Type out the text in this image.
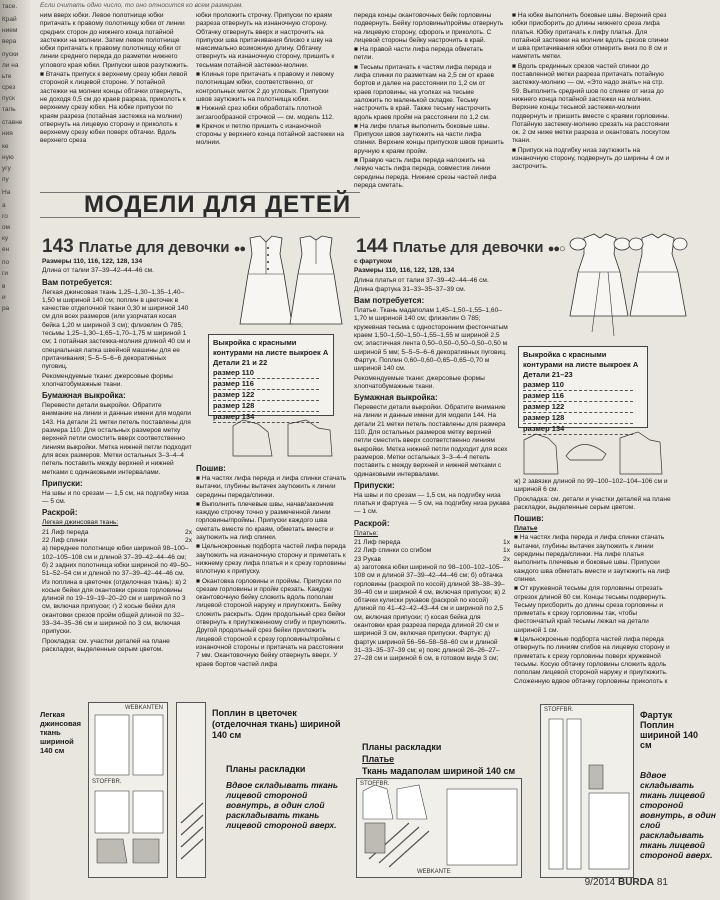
тасе.

Край

нием

вера

пуски

ли на

ьте

срез

пуск

таль

ставне

ния

ке

ную

угу

пу

На

а

го

ом

ку

ен

по

ги

в

и

ра

Если считать одно число, то оно относится ко всем размерам.

ним вверх юбки. Левое полотнище юбки притачать к правому полотнищу юбки от линии средних сторон до нижнего конца потайной застежки на молнии. Затем левое полотнище юбки притачать к правому полотнищу юбки от линии среднего переда до разметки нижнего углового края юбки. Припуски швов разутюжить.

■ Втачать припуск к верхнему срезу юбки левой стороной к лицевой стороне. У потайной застежки на молнии концы обтачки отвернуть, не доходя 0,5 см до краев разреза, приколоть к верхнему срезу юбки. На юбке припуски по краям разреза (потайная застежка на молнии) отвернуть на лицевую сторону и приколоть к верхнему срезу юбки поверх обтачки. Вдоль верхнего среза

юбки проложить строчку. Припуски по краям разреза отвернуть на изнаночную сторону. Обтачку отвернуть вверх и настрочить на припуски шва притачивания близко к шву на максимально возможную длину. Обтачку отвернуть на изнаночную сторону, пришить к тесьмам потайной застежки-молнии.

■ Клинья горе притачать к правому и левому полотнищам юбки, соответственно, от контрольных меток 2 до угловых. Припуски швов заутюжить на полотнища юбки.

■ Нижний срез юбки обработать плотной зигзагообразной строчкой — см. модель 112.

■ Крючок и петлю пришить с изнаночной стороны у верхнего конца потайной застежки на молнии.

переда концы окантовочных бейк горловины подвернуть. Бейку горловины/проймы отвернуть на лицевую сторону, сфорогь и приколоть. С лицевой стороны бейку настрочить в край.

■ На правой части лифа переда обметать петли.

■ Тесьмы притачать к частям лифа переда и лифа спинки по разметкам на 2,5 см от краев бортов и далее на расстоянии по 1,2 см от краев горловины, на уголках на тесьме заложить по маленькой складке. Тесьму настрочить в край. Также тесьму настрочить вдоль краев пройм на расстоянии по 1,2 см.

■ На лифе платья выполнить боковые швы. Припуски швов заутюжить на части лифа спинки. Верхние концы припусков швов пришить вручную к краям пройм.

■ Правую часть лифа переда наложить на левую часть лифа переда, совместив линии середины переда. Нижние срезы частей лифа переда сметать.

■ На юбке выполнить боковые швы. Верхний срез юбки присборить до длины нижнего среза лифа платья. Юбку притачать к лифу платья. Для потайной застежки на молнии вдоль срезов спинки и шва притачивания юбки отмерить вниз по 8 см и наметить метки.

■ Вдоль срединных срезов частей спинки до поставленной метки разреза притачать потайную застежку-молнию — см. «Это надо знать» на стр. 59. Выполнить средний шов по спинке от низа до нижнего конца потайной застежки на молнии. Верхние концы тесьмой застежки-молнии подвернуть и пришить вместе с краями горловины. Потайную застежку-молнию срезать на расстоянии ок. 2 см ниже метки разреза и окантовать лоскутом ткани.

■ Припуск на подгибку низа заутюжить на изнаночную сторону, подвернуть до ширины 4 см и застрочить.

МОДЕЛИ ДЛЯ ДЕТЕЙ
143 Платье для девочки ●●

Размеры 110, 116, 122, 128, 134

Длина от талии 37–39–42–44–46 см.

Вам потребуется:

Легкая джинсовая ткань 1,25–1,30–1,35–1,40–1,50 м шириной 140 см; поплин в цветочек в качестве отделочной ткани 0,30 м шириной 140 см для всех размеров (или узорчатая косая бейка 1,20 м шириной 3 см); флизелин G 785; тесьмы 1,25–1,30–1,65–1,70–1,75 м шириной 1 см; 1 потайная застежка-молния длиной 40 см и специальная лапка швейной машины для ее притачивания; 5–5–5–6–6 декоративных пуговиц.

Рекомендуемые ткани: джерсовые формы хлопчатобумажные ткани.

Бумажная выкройка:

Перевести детали выкройки. Обратите внимание на линии и данные имени для модели 143. На детали 21 метки петель поставлены для размера 110. Для остальных размеров метку верхней петли смостить вверх соответственно линиям выкройки. Метка нижней петли подходит для всех размеров. Метки остальных 3–3–4–4 петель поставить между верхней и нижней метками с одинаковыми интервалами.

Припуски:

На швы и по срезам — 1,5 см, на подгибку низа — 5 см.

Раскрой:

Легкая джинсовая ткань:

21 Лиф переда	2x
22 Лиф спинки	2x

а) переднее полотнище юбки шириной 98–100–102–105–108 см и длиной 37–39–42–44–46 см; б) 2 задних полотнища юбки шириной по 49–50–51–52–54 см и длиной по 37–39–42–44–46 см. Из поплина в цветочек (отделочная ткань): в) 2 косые бейки для окантовки срезов горловины длиной по 19–19–19–20–20 см и шириной по 3 см, включая припуски; г) 2 косые бейки для окантовки срезов пройм общей длиной по 32–33–34–35–36 см и шириной по 3 см, включая припуски.

Прокладка: см. участки деталей на плане раскладки, выделенные серым цветом.

Выкройка с красными контурами на листе выкроек А
Детали 21 и 22
размер 110
размер 116
размер 122
размер 128
размер 134

Пошив:

■ На частях лифа переда и лифа спинки стачать вытачки, глубины вытачек заутюжить к линии середины переда/спинки.

■ Выполнить плечевые швы, начав/закончив каждую строчку точно у размеченной линии горловины/проймы. Припуски каждого шва сметать вместе по краям, обметать вместе и заутюжить на лиф спинки.

■ Цельнокроеные подборта частей лифа переда заутюжить на изнаночную сторону и приметать к нижнему срезу лифа платья и к срезу горловины вплотную к припуску.

■ Окантовка горловины и проймы. Припуски по срезам горловины и пройм срезать. Каждую окантовочную бейку сложить вдоль пополам лицевой стороной наружу и приутюжить. Бейку сложить раскрыть. Один продольный срез бейки отвернуть к приутюженному сгибу и приутюжить. Другой продольный срез бейки приложить лицевой стороной к срезу горловины/проймы с изнаночной стороны и притачать на расстоянии 7 мм. Окантовочную бейку отвернуть вверх. У краев бортов частей лифа

Легкая джинсовая ткань шириной 140 см
WEBKANTEN
STOFFBR.
Поплин в цветочек (отделочная ткань) шириной 140 см
Планы раскладки
Вдвое складывать ткань лицевой стороной вовнутрь, в один слой раскладывать ткань лицевой стороной вверх.
144 Платье для девочки ●●○

с фартуком

Размеры 110, 116, 122, 128, 134

Длина платья от талии 37–39–42–44–46 см.

Длина фартука 31–33–35–37–39 см.

Вам потребуется:

Платье. Ткань мадаполам 1,45–1,50–1,55–1,60–1,70 м шириной 140 см; флизелин G 785; кружевная тесьма с односторонним фестончатым краем 1,50–1,50–1,50–1,55–1,55 м шириной 2,5 см; эластичная лента 0,50–0,50–0,50–0,50–0,50 м шириной 5 мм; 5–5–5–6–6 декоративных пуговиц. Фартук. Поплин 0,60–0,60–0,65–0,65–0,70 м шириной 140 см.

Рекомендуемые ткани: джерсовые формы хлопчатобумажные ткани.

Бумажная выкройка:

Перевести детали выкройки. Обратите внимание на линии и данные имени для модели 144. На детали 21 метки петель поставлены для размера 110. Для остальных размеров метку верхней петли сместить вверх соответственно линиям выкройки. Метка нижней петли подходит для всех размеров. Метки остальных 3–3–4–4 петель поставить с между верхней и нижней метками с одинаковыми интервалами.

Припуски:

На швы и по срезам — 1,5 см, на подгибку низа платья и фартука — 5 см, на подгибку низа рукава — 1 см.

Раскрой:

Платье:

21 Лиф переда	1x
22 Лиф спинки со сгибом	1x
23 Рукав	2x

а) заготовка юбки шириной по 98–100–102–105–108 см и длиной 37–39–42–44–46 см; б) обтачка горловины (раскрой по косой) длиной 38–38–39–39–40 см и шириной 4 см, включая припуски; в) 2 обтачки кулиски рукавов (раскрой по косой) длиной по 41–42–42–43–44 см и шириной по 2,5 см, включая припуски; г) косая бейка для окантовки края разреза переда длиной 20 см и шириной 3 см, включая припуски. Фартук: д) фартук шириной 56–56–58–58–60 см и длиной 31–33–35–37–39 см; е) пояс длиной 26–26–27–27–28 см и шириной 6 см, в готовом виде 3 см;

Выкройка с красными контурами на листе выкроек А
Детали 21–23
размер 110
размер 116
размер 122
размер 128
размер 134

ж) 2 завязки длиной по 99–100–102–104–106 см и шириной 6 см.

Прокладка: см. детали и участки деталей на плане раскладки, выделенные серым цветом.

Пошив:

Платье

■ На частях лифа переда и лифа спинки стачать вытачки, глубины вытачек заутюжить к линии середины переда/спинки. На лифе платья выполнить плечевые и боковые швы. Припуски каждого шва обметать вместе и заутюжить на лиф спинки.

■ От кружевной тесьмы для горловины отрезать отрезок длиной 60 см. Концы тесьмы подвернуть. Тесьму присборить до длины среза горловины и приметать к срезу горловины так, чтобы фестончатый край тесьмы лежал на детали шириной 1 см.

■ Цельнокроеные подборта частей лифа переда отвернуть по линиям сгибов на лицевую сторону и приметать к срезу горловины поверх кружевной тесьмы. Косую обтачку горловины сложить вдоль пополам лицевой стороной наружу и приутюжить. Сложенную вдвое обтачку горловины приколоть к

Планы раскладки
Платье
Ткань мадаполам шириной 140 см
STOFFBR.
WEBKANTE
Фартук
Поплин шириной 140 см
STOFFBR.
Вдвое складывать ткань лицевой стороной вовнутрь, в один слой раскладывать ткань лицевой стороной вверх.
9/2014 BURDA 81
